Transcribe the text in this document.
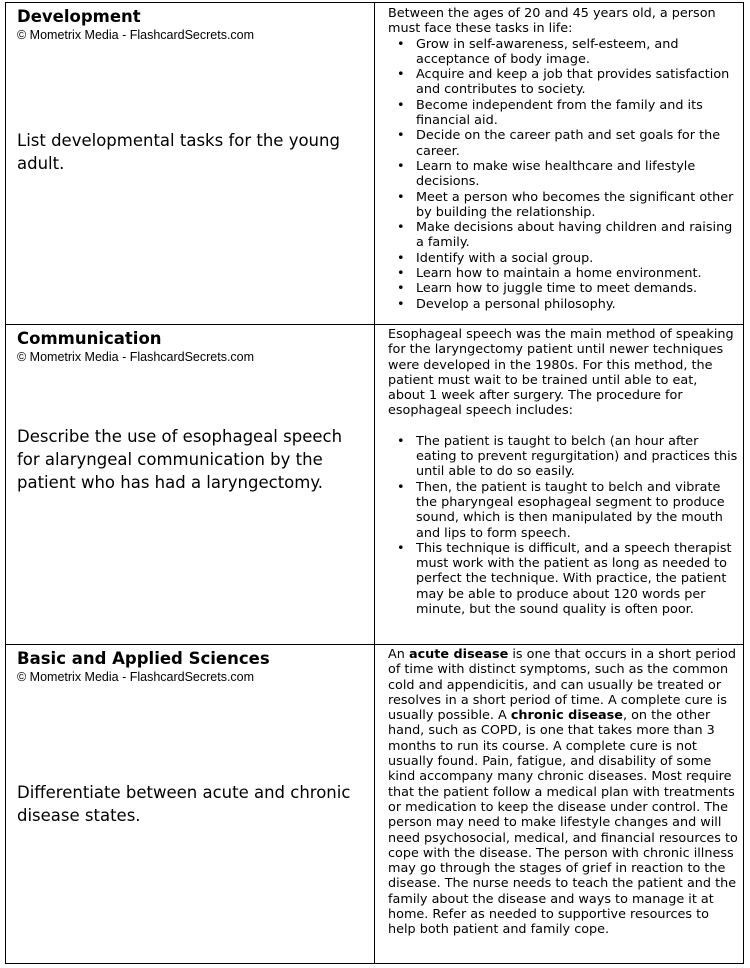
Development
© Mometrix Media - FlashcardSecrets.com
List developmental tasks for the young adult.

Between the ages of 20 and 45 years old, a person must face these tasks in life:

• Grow in self-awareness, self-esteem, and acceptance of body image.
• Acquire and keep a job that provides satisfaction and contributes to society.
• Become independent from the family and its financial aid.
• Decide on the career path and set goals for the career.
• Learn to make wise healthcare and lifestyle decisions.
• Meet a person who becomes the significant other by building the relationship.
• Make decisions about having children and raising a family.
• Identify with a social group.
• Learn how to maintain a home environment.
• Learn how to juggle time to meet demands.
• Develop a personal philosophy.
Communication
© Mometrix Media - FlashcardSecrets.com
Describe the use of esophageal speech for alaryngeal communication by the patient who has had a laryngectomy.

Esophageal speech was the main method of speaking for the laryngectomy patient until newer techniques were developed in the 1980s. For this method, the patient must wait to be trained until able to eat, about 1 week after surgery. The procedure for esophageal speech includes:

• The patient is taught to belch (an hour after eating to prevent regurgitation) and practices this until able to do so easily.
• Then, the patient is taught to belch and vibrate the pharyngeal esophageal segment to produce sound, which is then manipulated by the mouth and lips to form speech.
• This technique is difficult, and a speech therapist must work with the patient as long as needed to perfect the technique. With practice, the patient may be able to produce about 120 words per minute, but the sound quality is often poor.
Basic and Applied Sciences
© Mometrix Media - FlashcardSecrets.com
Differentiate between acute and chronic disease states.

An acute disease is one that occurs in a short period of time with distinct symptoms, such as the common cold and appendicitis, and can usually be treated or resolves in a short period of time. A complete cure is usually possible. A chronic disease, on the other hand, such as COPD, is one that takes more than 3 months to run its course. A complete cure is not usually found. Pain, fatigue, and disability of some kind accompany many chronic diseases. Most require that the patient follow a medical plan with treatments or medication to keep the disease under control. The person may need to make lifestyle changes and will need psychosocial, medical, and financial resources to cope with the disease. The person with chronic illness may go through the stages of grief in reaction to the disease. The nurse needs to teach the patient and the family about the disease and ways to manage it at home. Refer as needed to supportive resources to help both patient and family cope.
